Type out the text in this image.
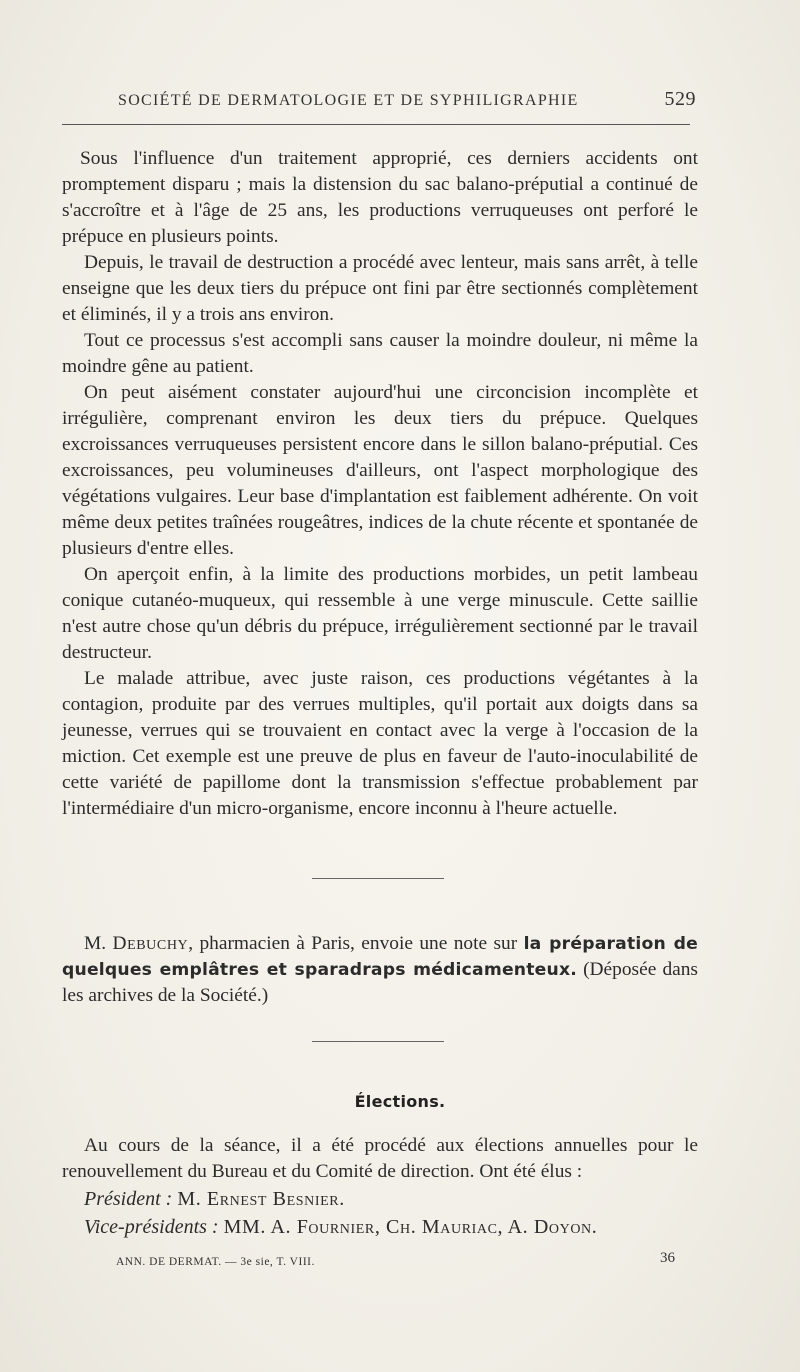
SOCIÉTÉ DE DERMATOLOGIE ET DE SYPHILIGRAPHIE	529

Sous l'influence d'un traitement approprié, ces derniers accidents ont promptement disparu ; mais la distension du sac balano-préputial a continué de s'accroître et à l'âge de 25 ans, les productions verruqueuses ont perforé le prépuce en plusieurs points.

Depuis, le travail de destruction a procédé avec lenteur, mais sans arrêt, à telle enseigne que les deux tiers du prépuce ont fini par être sectionnés complètement et éliminés, il y a trois ans environ.

Tout ce processus s'est accompli sans causer la moindre douleur, ni même la moindre gêne au patient.

On peut aisément constater aujourd'hui une circoncision incomplète et irrégulière, comprenant environ les deux tiers du prépuce. Quelques excroissances verruqueuses persistent encore dans le sillon balano-préputial. Ces excroissances, peu volumineuses d'ailleurs, ont l'aspect morphologique des végétations vulgaires. Leur base d'implantation est faiblement adhérente. On voit même deux petites traînées rougeâtres, indices de la chute récente et spontanée de plusieurs d'entre elles.

On aperçoit enfin, à la limite des productions morbides, un petit lambeau conique cutanéo-muqueux, qui ressemble à une verge minuscule. Cette saillie n'est autre chose qu'un débris du prépuce, irrégulièrement sectionné par le travail destructeur.

Le malade attribue, avec juste raison, ces productions végétantes à la contagion, produite par des verrues multiples, qu'il portait aux doigts dans sa jeunesse, verrues qui se trouvaient en contact avec la verge à l'occasion de la miction. Cet exemple est une preuve de plus en faveur de l'auto-inoculabilité de cette variété de papillome dont la transmission s'effectue probablement par l'intermédiaire d'un micro-organisme, encore inconnu à l'heure actuelle.

M. Debuchy, pharmacien à Paris, envoie une note sur la préparation de quelques emplâtres et sparadraps médicamenteux. (Déposée dans les archives de la Société.)

Élections.

Au cours de la séance, il a été procédé aux élections annuelles pour le renouvellement du Bureau et du Comité de direction. Ont été élus :

Président : M. Ernest Besnier.
Vice-présidents : MM. A. Fournier, Ch. Mauriac, A. Doyon.
ANN. DE DERMAT. — 3e sie, T. VIII.	36
